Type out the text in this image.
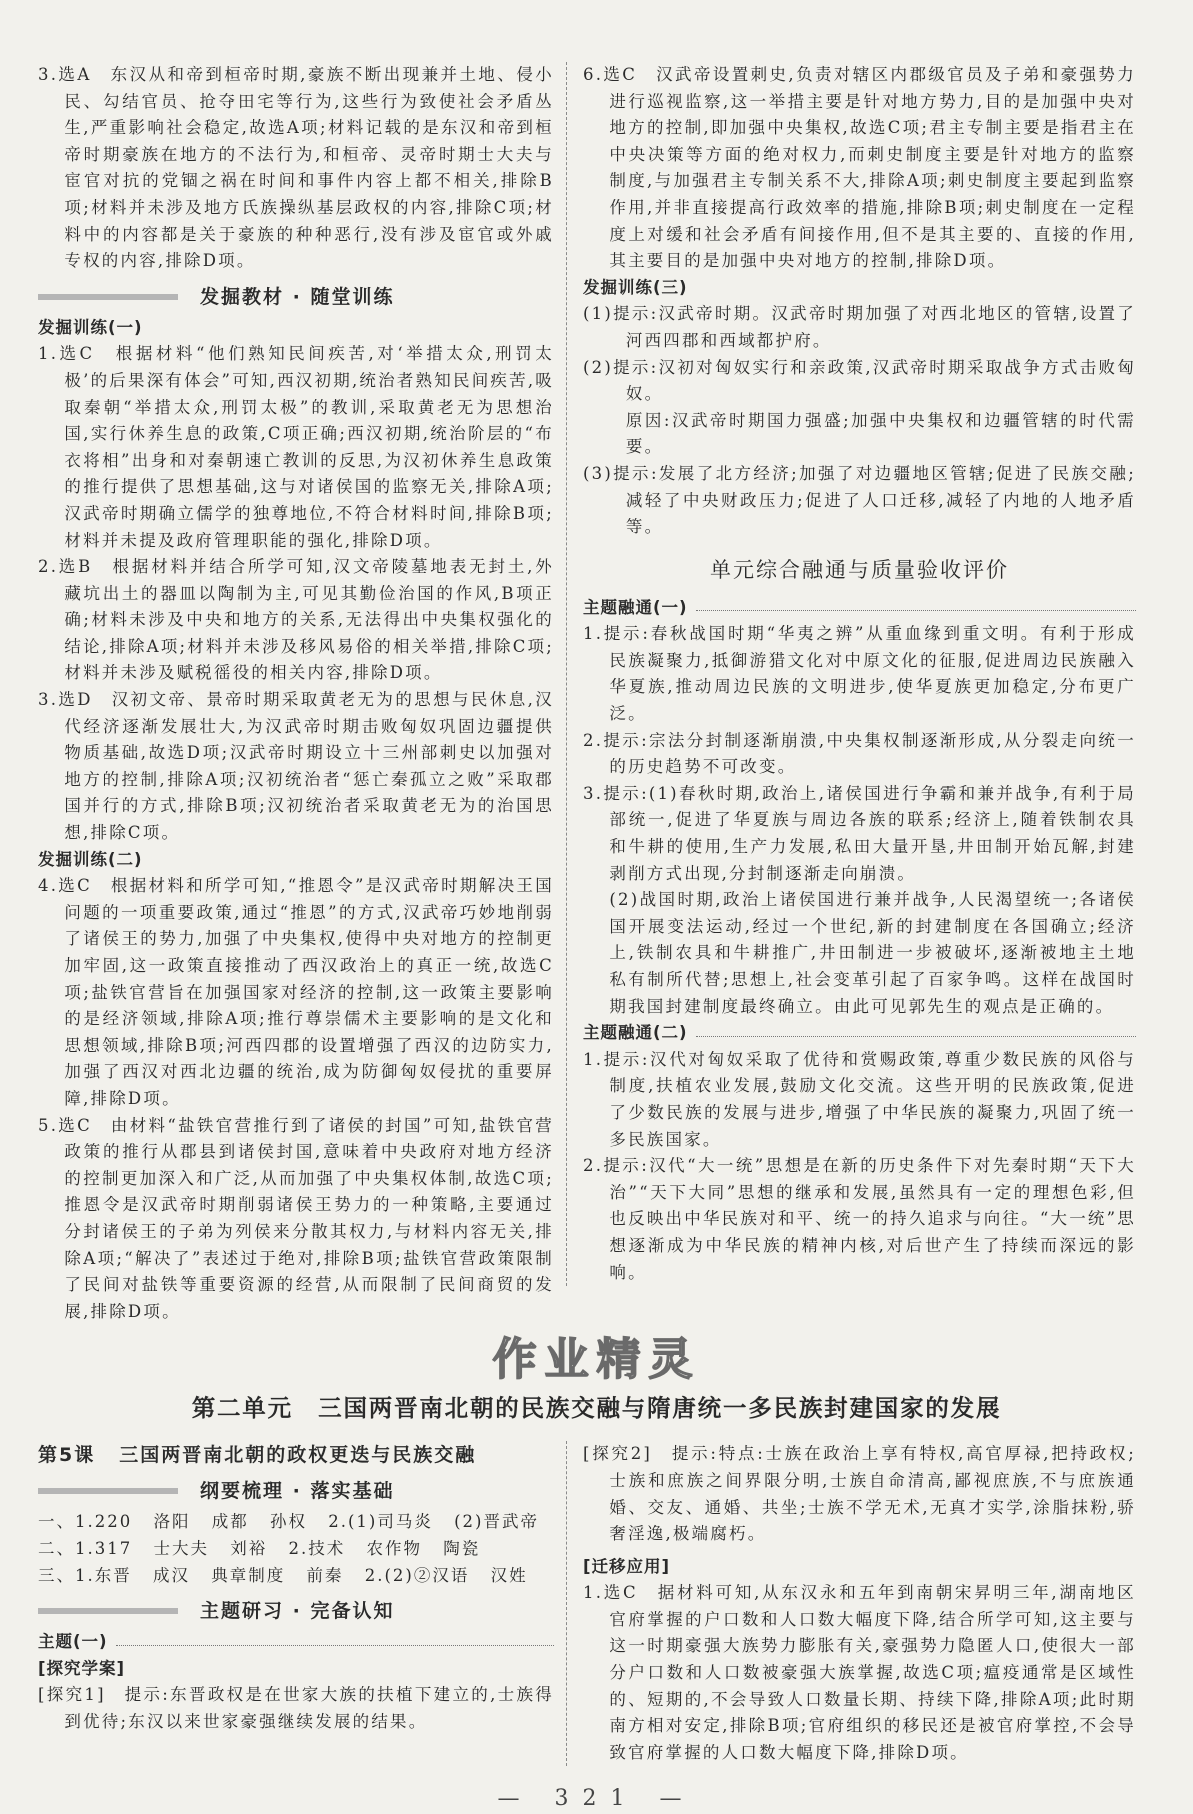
3.选A　东汉从和帝到桓帝时期,豪族不断出现兼并土地、侵小民、勾结官员、抢夺田宅等行为,这些行为致使社会矛盾丛生,严重影响社会稳定,故选A项;材料记载的是东汉和帝到桓帝时期豪族在地方的不法行为,和桓帝、灵帝时期士大夫与宦官对抗的党锢之祸在时间和事件内容上都不相关,排除B项;材料并未涉及地方氏族操纵基层政权的内容,排除C项;材料中的内容都是关于豪族的种种恶行,没有涉及宦官或外戚专权的内容,排除D项。
发掘教材 · 随堂训练
发掘训练(一)
1.选C　根据材料“他们熟知民间疾苦,对‘举措太众,刑罚太极’的后果深有体会”可知,西汉初期,统治者熟知民间疾苦,吸取秦朝“举措太众,刑罚太极”的教训,采取黄老无为思想治国,实行休养生息的政策,C项正确;西汉初期,统治阶层的“布衣将相”出身和对秦朝速亡教训的反思,为汉初休养生息政策的推行提供了思想基础,这与对诸侯国的监察无关,排除A项;汉武帝时期确立儒学的独尊地位,不符合材料时间,排除B项;材料并未提及政府管理职能的强化,排除D项。
2.选B　根据材料并结合所学可知,汉文帝陵墓地表无封土,外藏坑出土的器皿以陶制为主,可见其勤俭治国的作风,B项正确;材料未涉及中央和地方的关系,无法得出中央集权强化的结论,排除A项;材料并未涉及移风易俗的相关举措,排除C项;材料并未涉及赋税徭役的相关内容,排除D项。
3.选D　汉初文帝、景帝时期采取黄老无为的思想与民休息,汉代经济逐渐发展壮大,为汉武帝时期击败匈奴巩固边疆提供物质基础,故选D项;汉武帝时期设立十三州部刺史以加强对地方的控制,排除A项;汉初统治者“惩亡秦孤立之败”采取郡国并行的方式,排除B项;汉初统治者采取黄老无为的治国思想,排除C项。
发掘训练(二)
4.选C　根据材料和所学可知,“推恩令”是汉武帝时期解决王国问题的一项重要政策,通过“推恩”的方式,汉武帝巧妙地削弱了诸侯王的势力,加强了中央集权,使得中央对地方的控制更加牢固,这一政策直接推动了西汉政治上的真正一统,故选C项;盐铁官营旨在加强国家对经济的控制,这一政策主要影响的是经济领域,排除A项;推行尊崇儒术主要影响的是文化和思想领域,排除B项;河西四郡的设置增强了西汉的边防实力,加强了西汉对西北边疆的统治,成为防御匈奴侵扰的重要屏障,排除D项。
5.选C　由材料“盐铁官营推行到了诸侯的封国”可知,盐铁官营政策的推行从郡县到诸侯封国,意味着中央政府对地方经济的控制更加深入和广泛,从而加强了中央集权体制,故选C项;推恩令是汉武帝时期削弱诸侯王势力的一种策略,主要通过分封诸侯王的子弟为列侯来分散其权力,与材料内容无关,排除A项;“解决了”表述过于绝对,排除B项;盐铁官营政策限制了民间对盐铁等重要资源的经营,从而限制了民间商贸的发展,排除D项。
6.选C　汉武帝设置刺史,负责对辖区内郡级官员及子弟和豪强势力进行巡视监察,这一举措主要是针对地方势力,目的是加强中央对地方的控制,即加强中央集权,故选C项;君主专制主要是指君主在中央决策等方面的绝对权力,而刺史制度主要是针对地方的监察制度,与加强君主专制关系不大,排除A项;刺史制度主要起到监察作用,并非直接提高行政效率的措施,排除B项;刺史制度在一定程度上对缓和社会矛盾有间接作用,但不是其主要的、直接的作用,其主要目的是加强中央对地方的控制,排除D项。
发掘训练(三)
(1)提示:汉武帝时期。汉武帝时期加强了对西北地区的管辖,设置了河西四郡和西域都护府。
(2)提示:汉初对匈奴实行和亲政策,汉武帝时期采取战争方式击败匈奴。
原因:汉武帝时期国力强盛;加强中央集权和边疆管辖的时代需要。
(3)提示:发展了北方经济;加强了对边疆地区管辖;促进了民族交融;减轻了中央财政压力;促进了人口迁移,减轻了内地的人地矛盾等。
单元综合融通与质量验收评价
主题融通(一)
1.提示:春秋战国时期“华夷之辨”从重血缘到重文明。有利于形成民族凝聚力,抵御游猎文化对中原文化的征服,促进周边民族融入华夏族,推动周边民族的文明进步,使华夏族更加稳定,分布更广泛。
2.提示:宗法分封制逐渐崩溃,中央集权制逐渐形成,从分裂走向统一的历史趋势不可改变。
3.提示:(1)春秋时期,政治上,诸侯国进行争霸和兼并战争,有利于局部统一,促进了华夏族与周边各族的联系;经济上,随着铁制农具和牛耕的使用,生产力发展,私田大量开垦,井田制开始瓦解,封建剥削方式出现,分封制逐渐走向崩溃。
(2)战国时期,政治上诸侯国进行兼并战争,人民渴望统一;各诸侯国开展变法运动,经过一个世纪,新的封建制度在各国确立;经济上,铁制农具和牛耕推广,井田制进一步被破坏,逐渐被地主土地私有制所代替;思想上,社会变革引起了百家争鸣。这样在战国时期我国封建制度最终确立。由此可见郭先生的观点是正确的。
主题融通(二)
1.提示:汉代对匈奴采取了优待和赏赐政策,尊重少数民族的风俗与制度,扶植农业发展,鼓励文化交流。这些开明的民族政策,促进了少数民族的发展与进步,增强了中华民族的凝聚力,巩固了统一多民族国家。
2.提示:汉代“大一统”思想是在新的历史条件下对先秦时期“天下大治”“天下大同”思想的继承和发展,虽然具有一定的理想色彩,但也反映出中华民族对和平、统一的持久追求与向往。“大一统”思想逐渐成为中华民族的精神内核,对后世产生了持续而深远的影响。
作业精灵
第二单元　三国两晋南北朝的民族交融与隋唐统一多民族封建国家的发展
第5课 三国两晋南北朝的政权更迭与民族交融
纲要梳理 · 落实基础
一、1.220 洛阳 成都 孙权 2.(1)司马炎 (2)晋武帝
二、1.317 士大夫 刘裕 2.技术 农作物 陶瓷
三、1.东晋 成汉 典章制度 前秦 2.(2)②汉语 汉姓
主题研习 · 完备认知
主题(一)
[探究学案]
[探究1]　提示:东晋政权是在世家大族的扶植下建立的,士族得到优待;东汉以来世家豪强继续发展的结果。
[探究2]　提示:特点:士族在政治上享有特权,高官厚禄,把持政权;士族和庶族之间界限分明,士族自命清高,鄙视庶族,不与庶族通婚、交友、通婚、共坐;士族不学无术,无真才实学,涂脂抹粉,骄奢淫逸,极端腐朽。
[迁移应用]
1.选C　据材料可知,从东汉永和五年到南朝宋昇明三年,湖南地区官府掌握的户口数和人口数大幅度下降,结合所学可知,这主要与这一时期豪强大族势力膨胀有关,豪强势力隐匿人口,使很大一部分户口数和人口数被豪强大族掌握,故选C项;瘟疫通常是区域性的、短期的,不会导致人口数量长期、持续下降,排除A项;此时期南方相对安定,排除B项;官府组织的移民还是被官府掌控,不会导致官府掌握的人口数大幅度下降,排除D项。
— 321 —
